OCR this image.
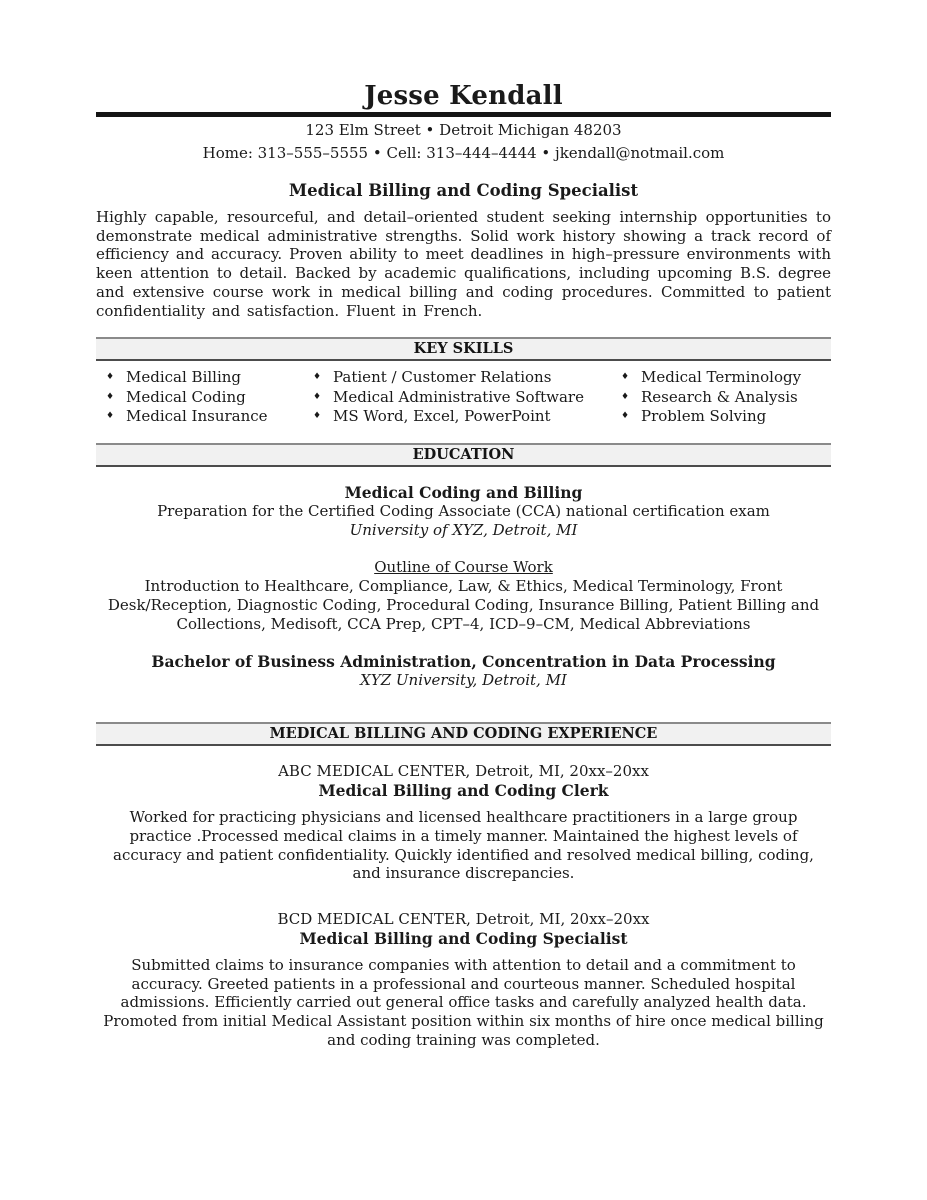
Jesse Kendall
123 Elm Street • Detroit Michigan 48203
Home: 313–555–5555 • Cell: 313–444–4444 • jkendall@notmail.com
Medical Billing and Coding Specialist

Highly capable, resourceful, and detail–oriented student seeking internship opportunities to demonstrate medical administrative strengths. Solid work history showing a track record of efficiency and accuracy. Proven ability to meet deadlines in high–pressure environments with keen attention to detail. Backed by academic qualifications, including upcoming B.S. degree and extensive course work in medical billing and coding procedures. Committed to patient confidentiality and satisfaction. Fluent in French.

KEY SKILLS
♦ Medical Billing
♦ Medical Coding
♦ Medical Insurance
♦ Patient / Customer Relations
♦ Medical Administrative Software
♦ MS Word, Excel, PowerPoint
♦ Medical Terminology
♦ Research & Analysis
♦ Problem Solving
EDUCATION
Medical Coding and Billing
Preparation for the Certified Coding Associate (CCA) national certification exam
University of XYZ, Detroit, MI
Outline of Course Work
Introduction to Healthcare, Compliance, Law, & Ethics, Medical Terminology, Front Desk/Reception, Diagnostic Coding, Procedural Coding, Insurance Billing, Patient Billing and Collections, Medisoft, CCA Prep, CPT–4, ICD–9–CM, Medical Abbreviations
Bachelor of Business Administration, Concentration in Data Processing
XYZ University, Detroit, MI
MEDICAL BILLING AND CODING EXPERIENCE
ABC MEDICAL CENTER, Detroit, MI, 20xx–20xx
Medical Billing and Coding Clerk

Worked for practicing physicians and licensed healthcare practitioners in a large group practice .Processed medical claims in a timely manner. Maintained the highest levels of accuracy and patient confidentiality. Quickly identified and resolved medical billing, coding, and insurance discrepancies.

BCD MEDICAL CENTER, Detroit, MI, 20xx–20xx
Medical Billing and Coding Specialist

Submitted claims to insurance companies with attention to detail and a commitment to accuracy. Greeted patients in a professional and courteous manner. Scheduled hospital admissions. Efficiently carried out general office tasks and carefully analyzed health data. Promoted from initial Medical Assistant position within six months of hire once medical billing and coding training was completed.
